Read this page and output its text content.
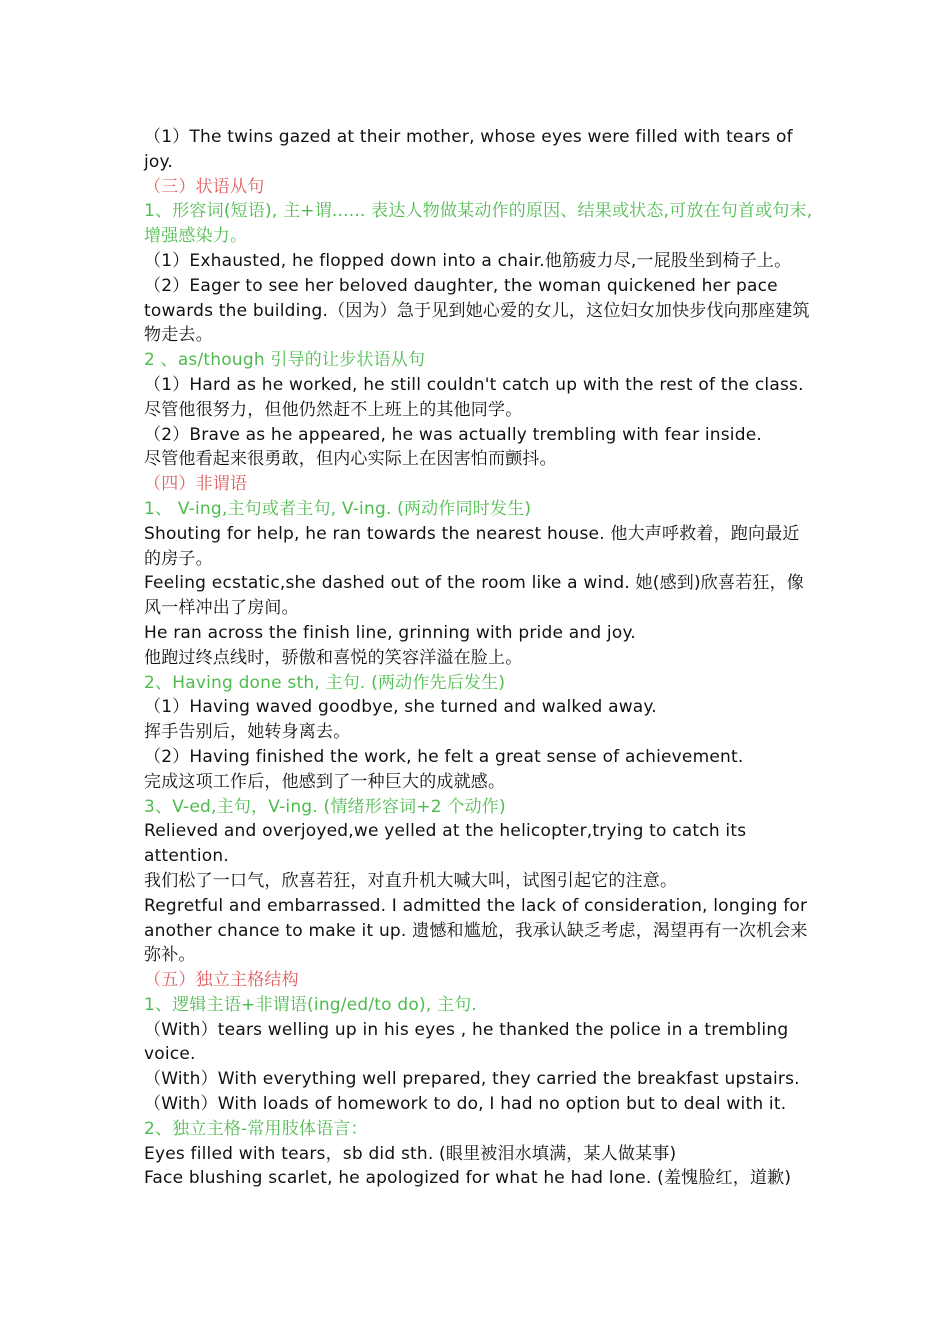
（1）The twins gazed at their mother, whose eyes were filled with tears of joy.

（三）状语从句

1、形容词(短语), 主+谓...... 表达人物做某动作的原因、结果或状态,可放在句首或句末,增强感染力。

（1）Exhausted, he flopped down into a chair.他筋疲力尽,一屁股坐到椅子上。

（2）Eager to see her beloved daughter, the woman quickened her pace towards the building.（因为）急于见到她心爱的女儿，这位妇女加快步伐向那座建筑物走去。

2 、as/though 引导的让步状语从句

（1）Hard as he worked, he still couldn't catch up with the rest of the class.

尽管他很努力，但他仍然赶不上班上的其他同学。

（2）Brave as he appeared, he was actually trembling with fear inside.

尽管他看起来很勇敢，但内心实际上在因害怕而颤抖。

（四）非谓语

1、 V-ing,主句或者主句, V-ing. (两动作同时发生)

Shouting for help, he ran towards the nearest house. 他大声呼救着，跑向最近的房子。

Feeling ecstatic,she dashed out of the room like a wind. 她(感到)欣喜若狂，像风一样冲出了房间。

He ran across the finish line, grinning with pride and joy.

他跑过终点线时，骄傲和喜悦的笑容洋溢在脸上。

2、Having done sth, 主句. (两动作先后发生)

（1）Having waved goodbye, she turned and walked away.

挥手告别后，她转身离去。

（2）Having finished the work, he felt a great sense of achievement.

完成这项工作后，他感到了一种巨大的成就感。

3、V-ed,主句，V-ing. (情绪形容词+2 个动作)

Relieved and overjoyed,we yelled at the helicopter,trying to catch its attention.

我们松了一口气，欣喜若狂，对直升机大喊大叫，试图引起它的注意。

Regretful and embarrassed. I admitted the lack of consideration, longing for another chance to make it up. 遗憾和尴尬，我承认缺乏考虑，渴望再有一次机会来弥补。

（五）独立主格结构

1、逻辑主语+非谓语(ing/ed/to do), 主句.

（With）tears welling up in his eyes , he thanked the police in a trembling voice.

（With）With everything well prepared, they carried the breakfast upstairs.

（With）With loads of homework to do, I had no option but to deal with it.

2、独立主格-常用肢体语言：

Eyes filled with tears，sb did sth. (眼里被泪水填满，某人做某事)

Face blushing scarlet, he apologized for what he had lone. (羞愧脸红，道歉)
